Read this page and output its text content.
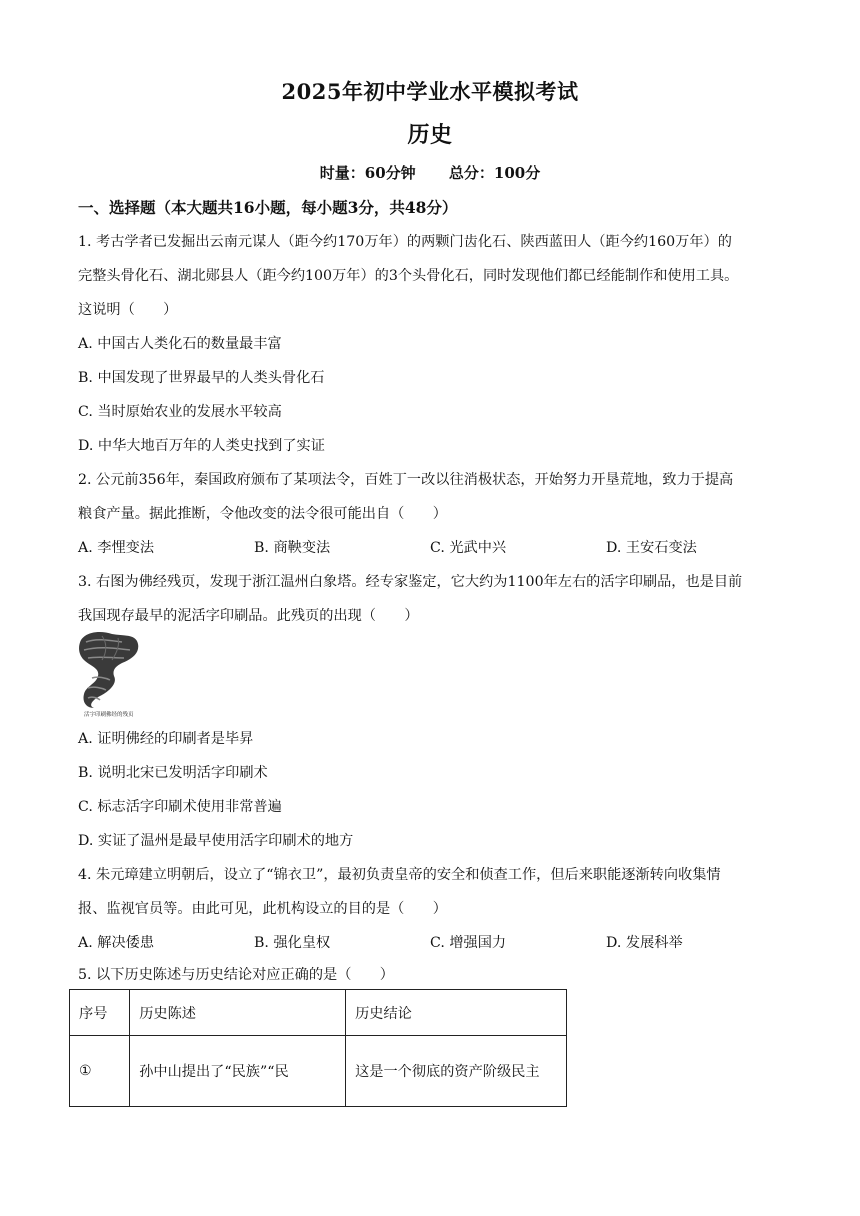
2025年初中学业水平模拟考试
历史
时量：60分钟 总分：100分
一、选择题（本大题共16小题，每小题3分，共48分）
1. 考古学者已发掘出云南元谋人（距今约170万年）的两颗门齿化石、陕西蓝田人（距今约160万年）的
完整头骨化石、湖北郧县人（距今约100万年）的3个头骨化石，同时发现他们都已经能制作和使用工具。
这说明（　　）
A. 中国古人类化石的数量最丰富
B. 中国发现了世界最早的人类头骨化石
C. 当时原始农业的发展水平较高
D. 中华大地百万年的人类史找到了实证
2. 公元前356年，秦国政府颁布了某项法令，百姓丁一改以往消极状态，开始努力开垦荒地，致力于提高
粮食产量。据此推断，令他改变的法令很可能出自（　　）
A. 李悝变法	B. 商鞅变法	C. 光武中兴	D. 王安石变法
3. 右图为佛经残页，发现于浙江温州白象塔。经专家鉴定，它大约为1100年左右的活字印刷品，也是目前
我国现存最早的泥活字印刷品。此残页的出现（　　）
活字印刷佛经的残页
A. 证明佛经的印刷者是毕昇
B. 说明北宋已发明活字印刷术
C. 标志活字印刷术使用非常普遍
D. 实证了温州是最早使用活字印刷术的地方
4. 朱元璋建立明朝后，设立了“锦衣卫”，最初负责皇帝的安全和侦查工作，但后来职能逐渐转向收集情
报、监视官员等。由此可见，此机构设立的目的是（　　）
A. 解决倭患	B. 强化皇权	C. 增强国力	D. 发展科举
5. 以下历史陈述与历史结论对应正确的是（　　）
序号	历史陈述	历史结论
①	孙中山提出了“民族”“民	这是一个彻底的资产阶级民主
